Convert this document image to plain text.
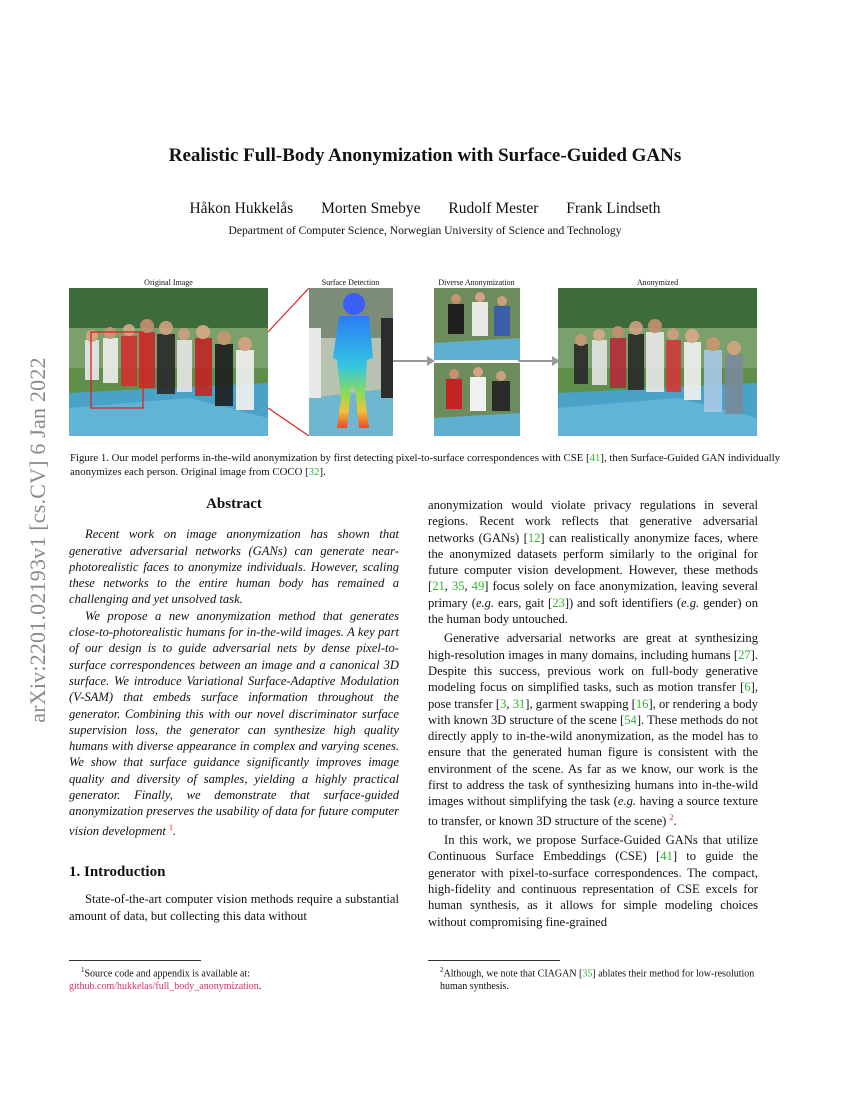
arXiv:2201.02193v1 [cs.CV] 6 Jan 2022
Realistic Full-Body Anonymization with Surface-Guided GANs
Håkon Hukkelås Morten Smebye Rudolf Mester Frank Lindseth
Department of Computer Science, Norwegian University of Science and Technology
Original Image	Surface Detection	Diverse Anonymization	Anonymized
Figure 1. Our model performs in-the-wild anonymization by first detecting pixel-to-surface correspondences with CSE [41], then Surface-Guided GAN individually anonymizes each person. Original image from COCO [32].
Abstract

Recent work on image anonymization has shown that generative adversarial networks (GANs) can generate near-photorealistic faces to anonymize individuals. However, scaling these networks to the entire human body has remained a challenging and yet unsolved task.

We propose a new anonymization method that generates close-to-photorealistic humans for in-the-wild images. A key part of our design is to guide adversarial nets by dense pixel-to-surface correspondences between an image and a canonical 3D surface. We introduce Variational Surface-Adaptive Modulation (V-SAM) that embeds surface information throughout the generator. Combining this with our novel discriminator surface supervision loss, the generator can synthesize high quality humans with diverse appearance in complex and varying scenes. We show that surface guidance significantly improves image quality and diversity of samples, yielding a highly practical generator. Finally, we demonstrate that surface-guided anonymization preserves the usability of data for future computer vision development $^1$.

1. Introduction

State-of-the-art computer vision methods require a substantial amount of data, but collecting this data without

$^1$Source code and appendix is available at:
github.com/hukkelas/full_body_anonymization.

anonymization would violate privacy regulations in several regions. Recent work reflects that generative adversarial networks (GANs) [12] can realistically anonymize faces, where the anonymized datasets perform similarly to the original for future computer vision development. However, these methods [21, 35, 49] focus solely on face anonymization, leaving several primary (e.g. ears, gait [23]) and soft identifiers (e.g. gender) on the human body untouched.

Generative adversarial networks are great at synthesizing high-resolution images in many domains, including humans [27]. Despite this success, previous work on full-body generative modeling focus on simplified tasks, such as motion transfer [6], pose transfer [3, 31], garment swapping [16], or rendering a body with known 3D structure of the scene [54]. These methods do not directly apply to in-the-wild anonymization, as the model has to ensure that the generated human figure is consistent with the environment of the scene. As far as we know, our work is the first to address the task of synthesizing humans into in-the-wild images without simplifying the task (e.g. having a source texture to transfer, or known 3D structure of the scene) $^2$.

In this work, we propose Surface-Guided GANs that utilize Continuous Surface Embeddings (CSE) [41] to guide the generator with pixel-to-surface correspondences. The compact, high-fidelity and continuous representation of CSE excels for human synthesis, as it allows for simple modeling choices without compromising fine-grained

$^2$Although, we note that CIAGAN [35] ablates their method for low-resolution human synthesis.
